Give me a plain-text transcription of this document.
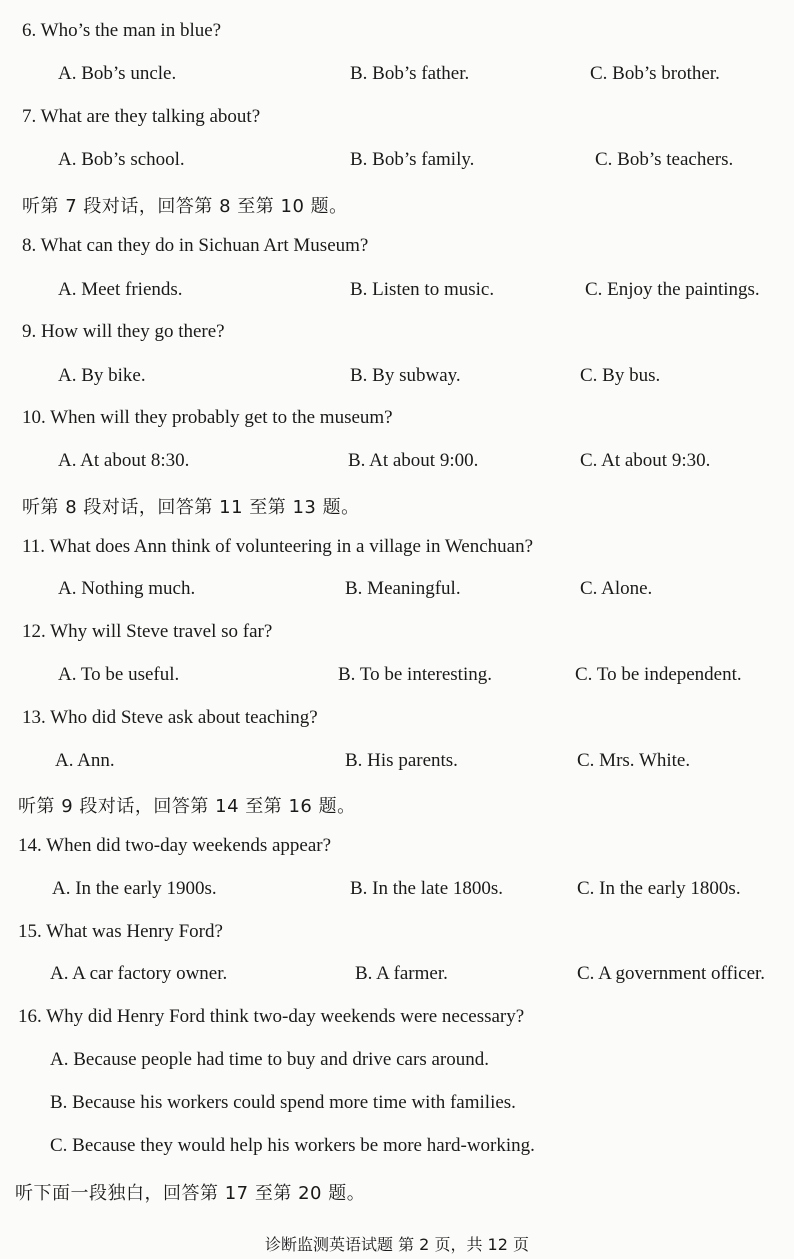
6. Who’s the man in blue?
A. Bob’s uncle.	B. Bob’s father.	C. Bob’s brother.
7. What are they talking about?
A. Bob’s school.	B. Bob’s family.	C. Bob’s teachers.
听第 7 段对话，回答第 8 至第 10 题。
8. What can they do in Sichuan Art Museum?
A. Meet friends.	B. Listen to music.	C. Enjoy the paintings.
9. How will they go there?
A. By bike.	B. By subway.	C. By bus.
10. When will they probably get to the museum?
A. At about 8:30.	B. At about 9:00.	C. At about 9:30.
听第 8 段对话，回答第 11 至第 13 题。
11. What does Ann think of volunteering in a village in Wenchuan?
A. Nothing much.	B. Meaningful.	C. Alone.
12. Why will Steve travel so far?
A. To be useful.	B. To be interesting.	C. To be independent.
13. Who did Steve ask about teaching?
A. Ann.	B. His parents.	C. Mrs. White.
听第 9 段对话，回答第 14 至第 16 题。
14. When did two-day weekends appear?
A. In the early 1900s.	B. In the late 1800s.	C. In the early 1800s.
15. What was Henry Ford?
A. A car factory owner.	B. A farmer.	C. A government officer.
16. Why did Henry Ford think two-day weekends were necessary?
A. Because people had time to buy and drive cars around.
B. Because his workers could spend more time with families.
C. Because they would help his workers be more hard-working.
听下面一段独白，回答第 17 至第 20 题。
诊断监测英语试题 第 2 页，共 12 页
